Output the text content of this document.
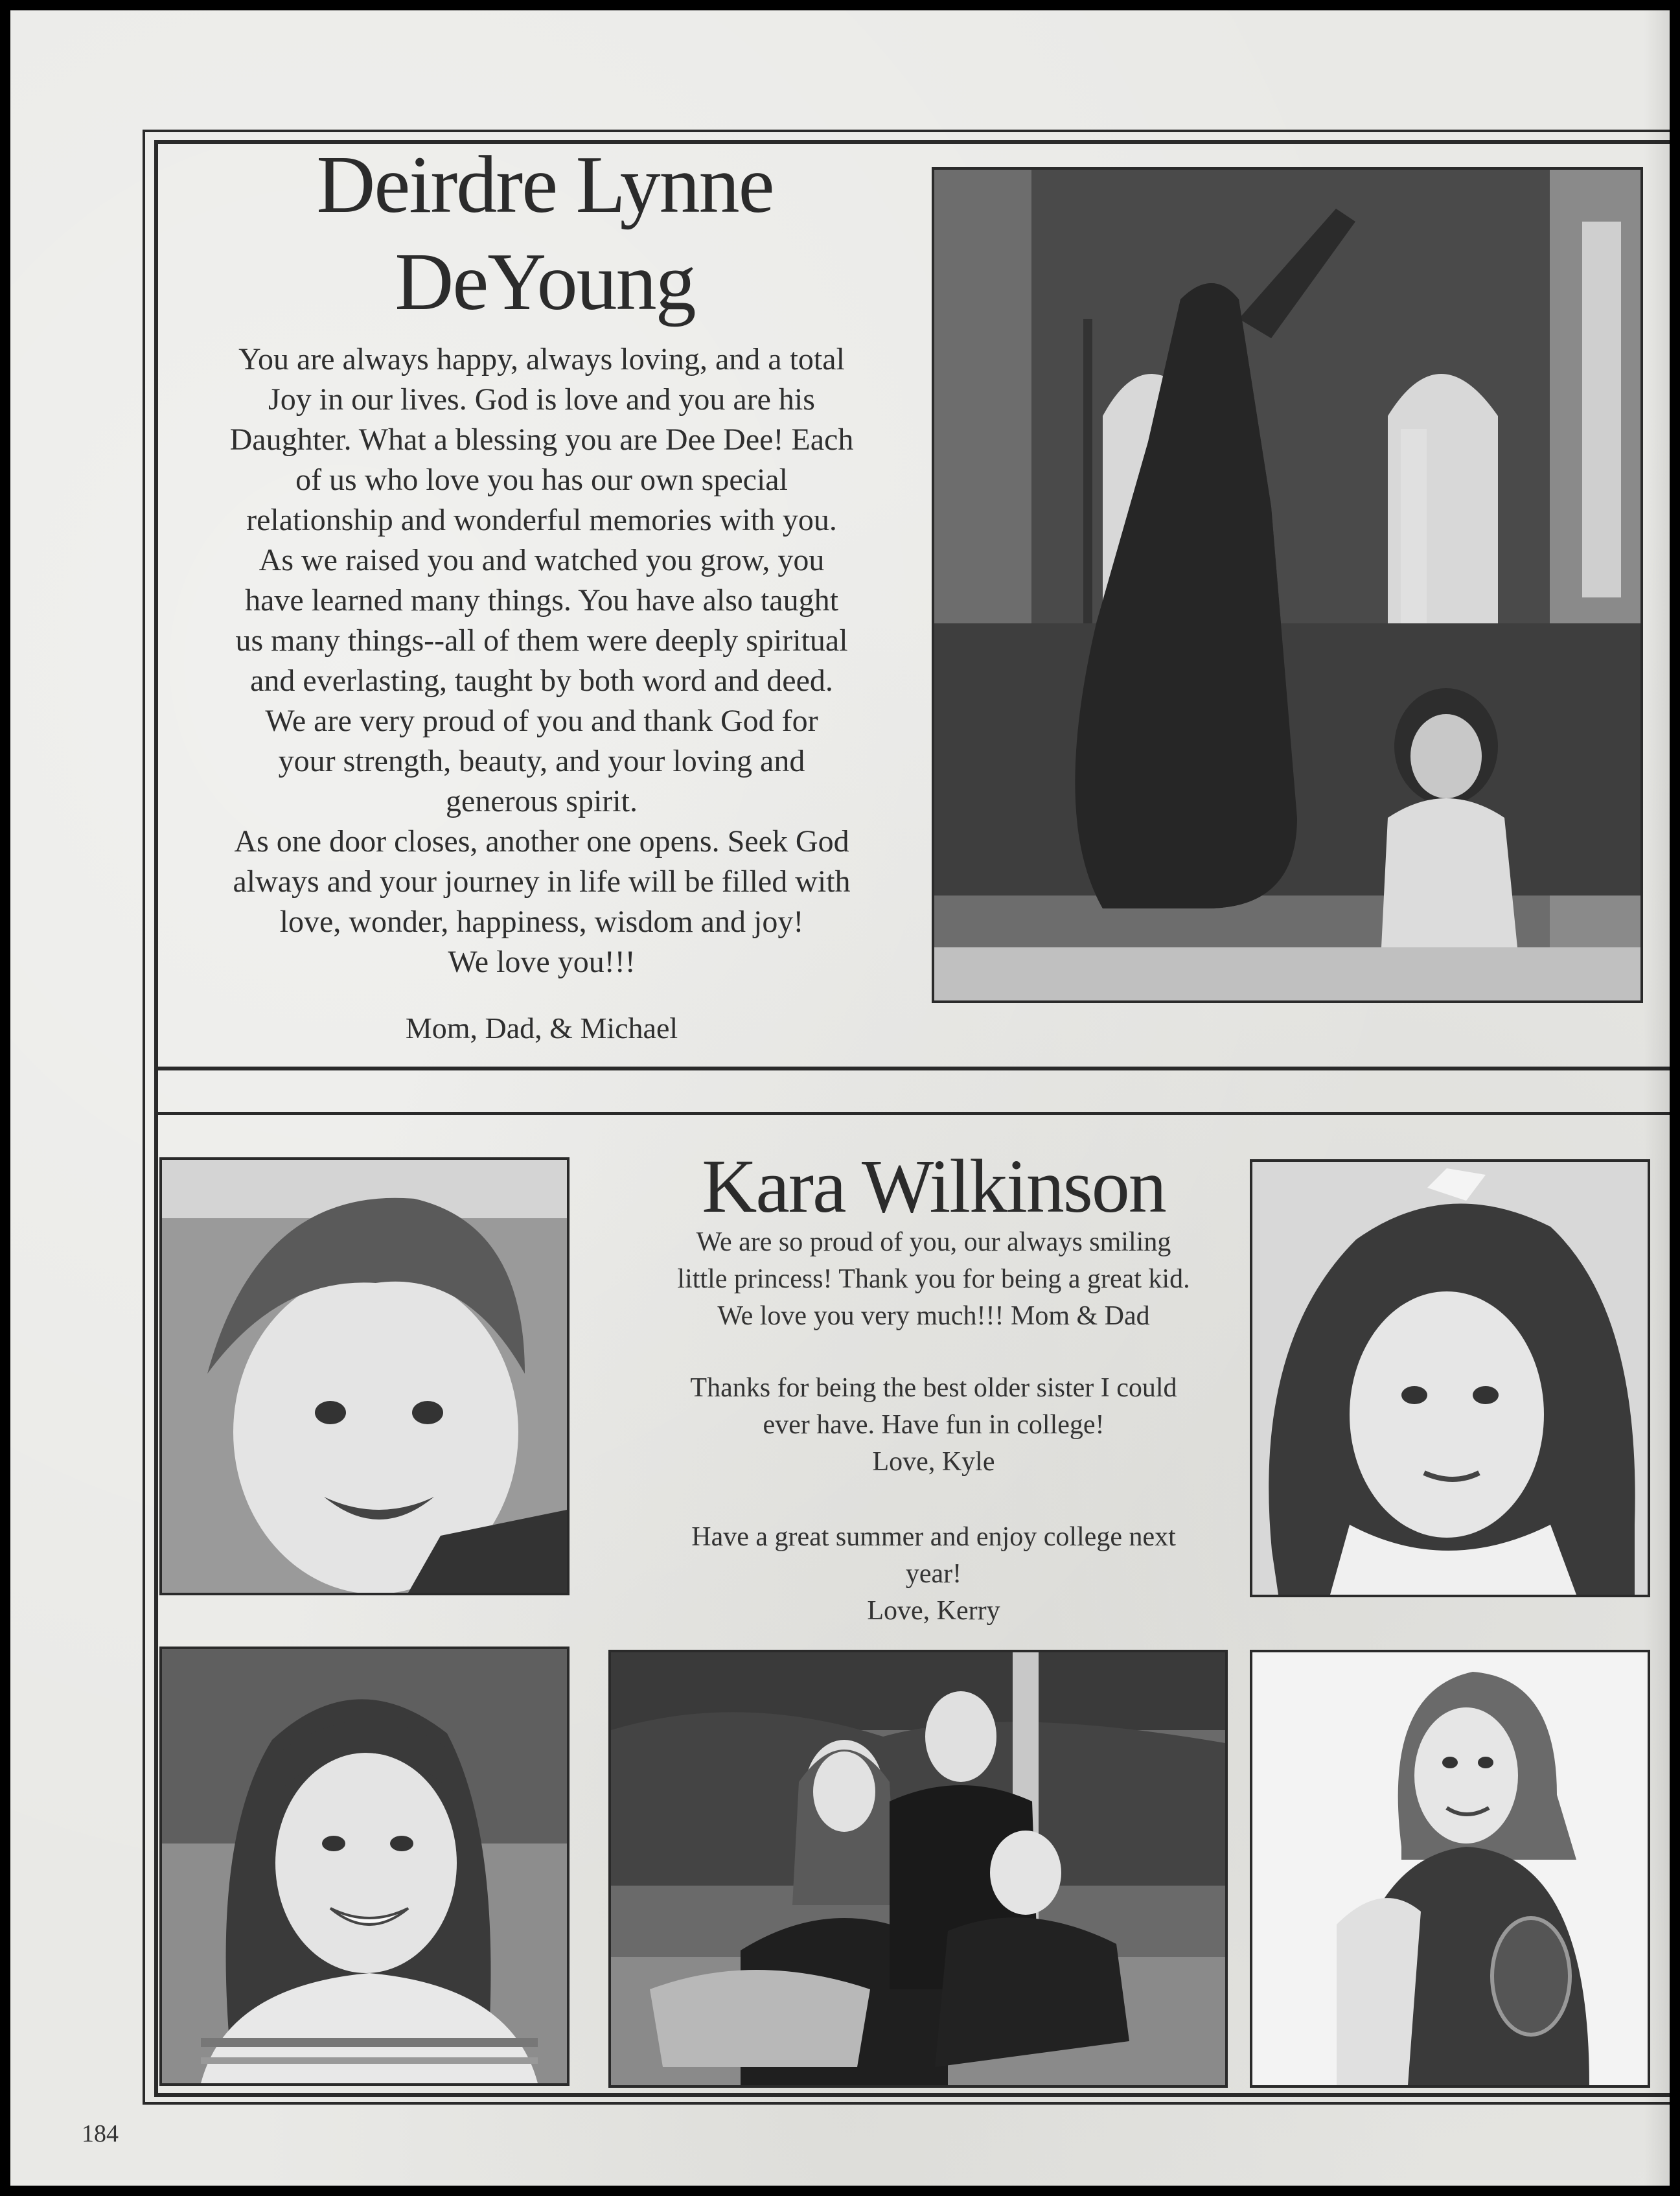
Deirdre Lynne
DeYoung
You are always happy, always loving, and a total
Joy in our lives. God is love and you are his
Daughter. What a blessing you are Dee Dee! Each
of us who love you has our own special
relationship and wonderful memories with you.
As we raised you and watched you grow, you
have learned many things. You have also taught
us many things--all of them were deeply spiritual
and everlasting, taught by both word and deed.
We are very proud of you and thank God for
your strength, beauty, and your loving and
generous spirit.
As one door closes, another one opens. Seek God
always and your journey in life will be filled with
love, wonder, happiness, wisdom and joy!
We love you!!!
Mom, Dad, & Michael
Kara Wilkinson
We are so proud of you, our always smiling
little princess! Thank you for being a great kid.
We love you very much!!! Mom & Dad
Thanks for being the best older sister I could
ever have. Have fun in college!
Love, Kyle
Have a great summer and enjoy college next
year!
Love, Kerry
184
